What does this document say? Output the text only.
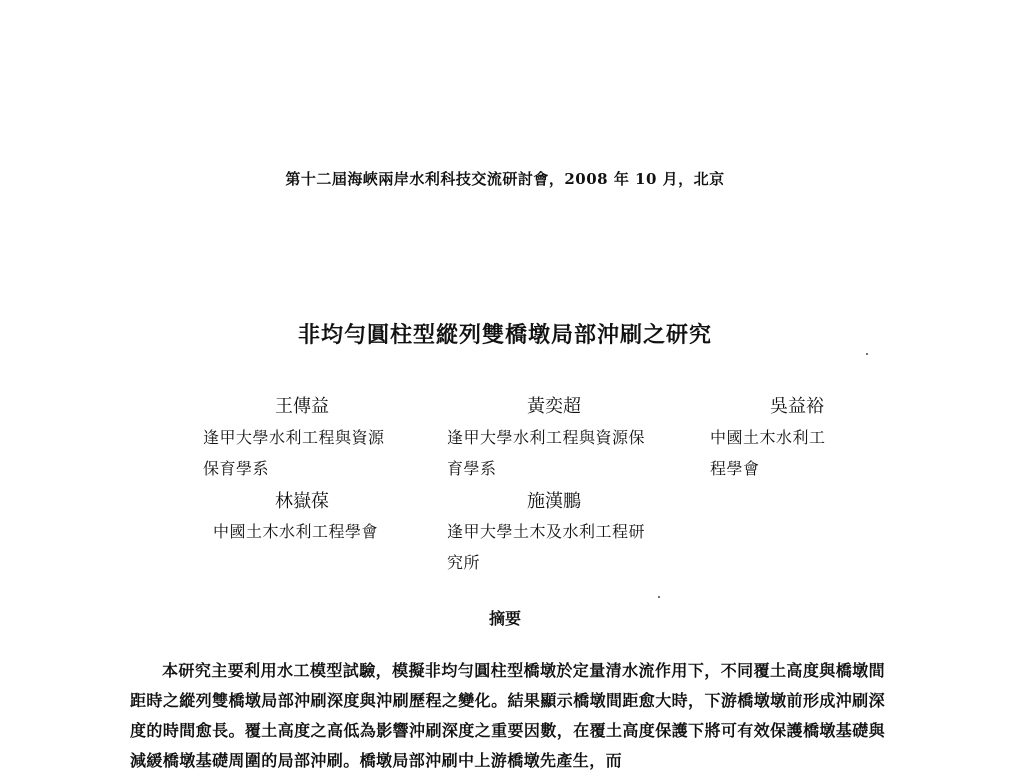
第十二屆海峽兩岸水利科技交流研討會，2008 年 10 月，北京
非均勻圓柱型縱列雙橋墩局部沖刷之研究
王傳益
逢甲大學水利工程與資源
保育學系
黃奕超
逢甲大學水利工程與資源保
育學系
吳益裕
中國土木水利工
程學會
林嶽葆
中國土木水利工程學會
施漢鵬
逢甲大學土木及水利工程研
究所
摘要
本研究主要利用水工模型試驗，模擬非均勻圓柱型橋墩於定量清水流作用下，不同覆土高度與橋墩間距時之縱列雙橋墩局部沖刷深度與沖刷歷程之變化。結果顯示橋墩間距愈大時，下游橋墩墩前形成沖刷深度的時間愈長。覆土高度之高低為影響沖刷深度之重要因數，在覆土高度保護下將可有效保護橋墩基礎與減緩橋墩基礎周圍的局部沖刷。橋墩局部沖刷中上游橋墩先產生，而
